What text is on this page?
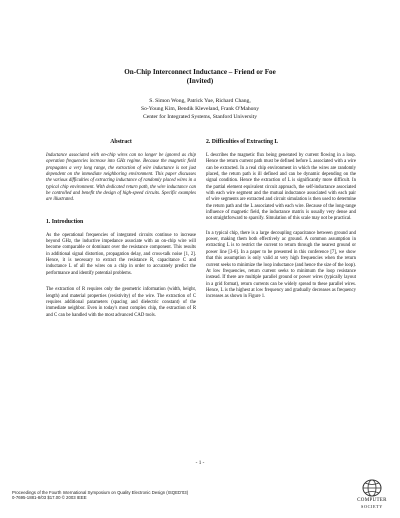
On-Chip Interconnect Inductance – Friend or Foe
(Invited)
S. Simon Wong, Patrick Yue, Richard Chang,
So-Young Kim, Bendik Kleveland, Frank O'Mahony
Center for Integrated Systems, Stanford University
Abstract

Inductance associated with on-chip wires can no longer be ignored as chip operation frequencies increase into GHz regime. Because the magnetic field propagates a very long range, the extraction of wire inductance is not just dependent on the immediate neighboring environment. This paper discusses the various difficulties of extracting inductance of randomly placed wires in a typical chip environment. With dedicated return path, the wire inductance can be controlled and benefit the design of high-speed circuits. Specific examples are illustrated.

1. Introduction

As the operational frequencies of integrated circuits continue to increase beyond GHz, the inductive impedance associate with an on-chip wire will become comparable or dominant over the resistance component. This results in additional signal distortion, propagation delay, and cross-talk noise [1, 2]. Hence, it is necessary to extract the resistance R, capacitance C and inductance L of all the wires on a chip in order to accurately predict the performance and identify potential problems.

The extraction of R requires only the geometric information (width, height, length) and material properties (resistivity) of the wire. The extraction of C requires additional parameters (spacing and dielectric constant) of the immediate neighbor. Even in today's most complex chip, the extraction of R and C can be handled with the most advanced CAD tools.

2. Difficulties of Extracting L

L describes the magnetic flux being generated by current flowing in a loop. Hence the return current path must be defined before L associated with a wire can be extracted. In a real chip environment in which the wires are randomly placed, the return path is ill defined and can be dynamic depending on the signal condition. Hence the extraction of L is significantly more difficult. In the partial element equivalent circuit approach, the self-inductance associated with each wire segment and the mutual inductance associated with each pair of wire segments are extracted and circuit simulation is then used to determine the return path and the L associated with each wire. Because of the long-range influence of magnetic field, the inductance matrix is usually very dense and not straightforward to sparsify. Simulation of this scale may not be practical.

In a typical chip, there is a large decoupling capacitance between ground and power, making them both effectively ac ground. A common assumption in extracting L is to restrict the current to return through the nearest ground or power line [3-6]. In a paper to be presented in this conference [7], we show that this assumption is only valid at very high frequencies when the return current seeks to minimize the loop inductance (and hence the size of the loop). At low frequencies, return current seeks to minimum the loop resistance instead. If there are multiple parallel ground or power wires (typically layout in a grid format), return currents can be widely spread to these parallel wires. Hence, L is the highest at low frequency and gradually decreases as frequency increases as shown in Figure 1.

- 1 -
Proceedings of the Fourth International Symposium on Quality Electronic Design (ISQED'03)
0-7695-1881-8/03 $17.00 © 2003 IEEE
COMPUTER
SOCIETY
